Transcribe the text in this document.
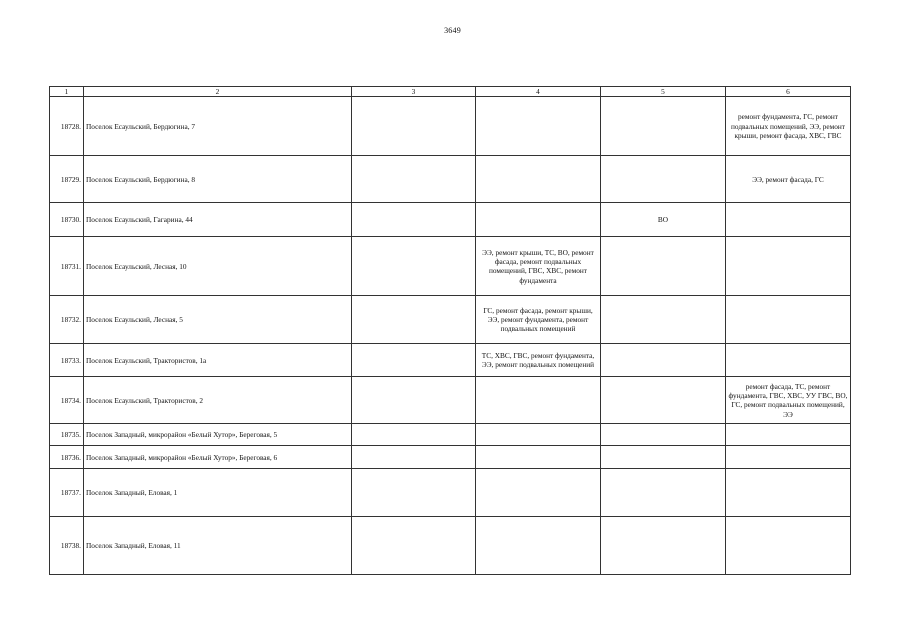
3649
1	2	3	4	5	6
18728.	Поселок Есаульский, Бердюгина, 7				ремонт фундамента, ГС, ремонт подвальных помещений, ЭЭ, ремонт крыши, ремонт фасада, ХВС, ГВС
18729.	Поселок Есаульский, Бердюгина, 8				ЭЭ, ремонт фасада, ГС
18730.	Поселок Есаульский, Гагарина, 44			ВО	
18731.	Поселок Есаульский, Лесная, 10		ЭЭ, ремонт крыши, ТС, ВО, ремонт фасада, ремонт подвальных помещений, ГВС, ХВС, ремонт фундамента		
18732.	Поселок Есаульский, Лесная, 5		ГС, ремонт фасада, ремонт крыши, ЭЭ, ремонт фундамента, ремонт подвальных помещений		
18733.	Поселок Есаульский, Трактористов, 1а		ТС, ХВС, ГВС, ремонт фундамента, ЭЭ, ремонт подвальных помещений		
18734.	Поселок Есаульский, Трактористов, 2				ремонт фасада, ТС, ремонт фундамента, ГВС, ХВС, УУ ГВС, ВО, ГС, ремонт подвальных помещений, ЭЭ
18735.	Поселок Западный, микрорайон «Белый Хутор», Береговая, 5				
18736.	Поселок Западный, микрорайон «Белый Хутор», Береговая, 6				
18737.	Поселок Западный, Еловая, 1				
18738.	Поселок Западный, Еловая, 11				
